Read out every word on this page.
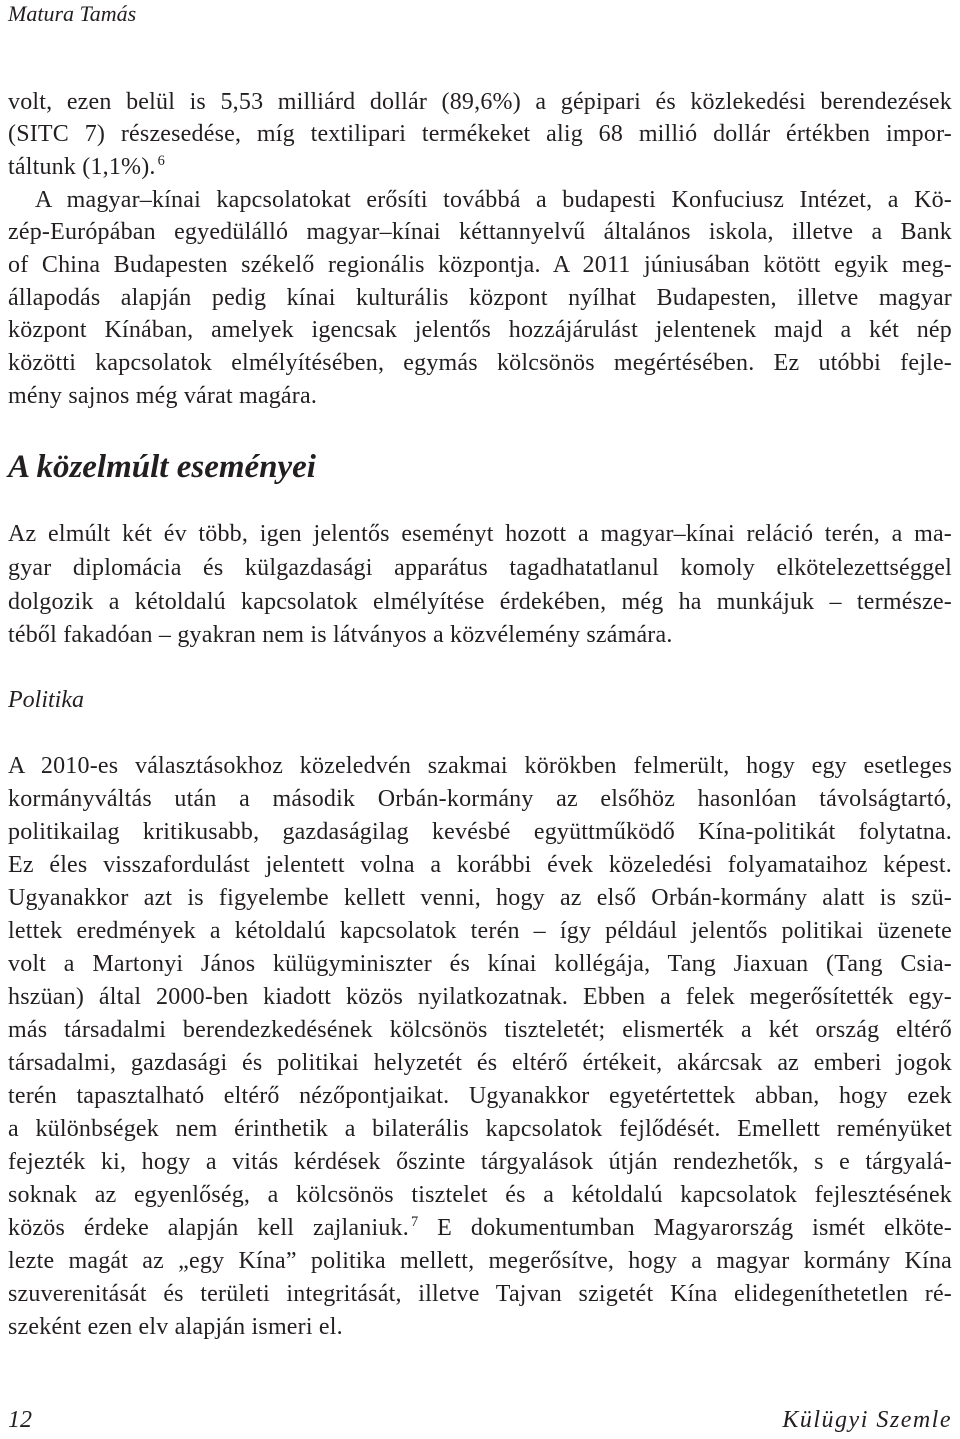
Matura Tamás
volt, ezen belül is 5,53 milliárd dollár (89,6%) a gépipari és közlekedési berendezések
(SITC 7) részesedése, míg textilipari termékeket alig 68 millió dollár értékben impor-
táltunk (1,1%). $^6$
A magyar–kínai kapcsolatokat erősíti továbbá a budapesti Konfuciusz Intézet, a Kö-
zép-Európában egyedülálló magyar–kínai kéttannyelvű általános iskola, illetve a Bank
of China Budapesten székelő regionális központja. A 2011 júniusában kötött egyik meg-
állapodás alapján pedig kínai kulturális központ nyílhat Budapesten, illetve magyar
központ Kínában, amelyek igencsak jelentős hozzájárulást jelentenek majd a két nép
közötti kapcsolatok elmélyítésében, egymás kölcsönös megértésében. Ez utóbbi fejle-
mény sajnos még várat magára.
A közelmúlt eseményei
Az elmúlt két év több, igen jelentős eseményt hozott a magyar–kínai reláció terén, a ma-
gyar diplomácia és külgazdasági apparátus tagadhatatlanul komoly elkötelezettséggel
dolgozik a kétoldalú kapcsolatok elmélyítése érdekében, még ha munkájuk – természe-
téből fakadóan – gyakran nem is látványos a közvélemény számára.
Politika
A 2010-es választásokhoz közeledvén szakmai körökben felmerült, hogy egy esetleges
kormányváltás után a második Orbán-kormány az elsőhöz hasonlóan távolságtartó,
politikailag kritikusabb, gazdaságilag kevésbé együttműködő Kína-politikát folytatna.
Ez éles visszafordulást jelentett volna a korábbi évek közeledési folyamataihoz képest.
Ugyanakkor azt is figyelembe kellett venni, hogy az első Orbán-kormány alatt is szü-
lettek eredmények a kétoldalú kapcsolatok terén – így például jelentős politikai üzenete
volt a Martonyi János külügyminiszter és kínai kollégája, Tang Jiaxuan (Tang Csia-
hszüan) által 2000-ben kiadott közös nyilatkozatnak. Ebben a felek megerősítették egy-
más társadalmi berendezkedésének kölcsönös tiszteletét; elismerték a két ország eltérő
társadalmi, gazdasági és politikai helyzetét és eltérő értékeit, akárcsak az emberi jogok
terén tapasztalható eltérő nézőpontjaikat. Ugyanakkor egyetértettek abban, hogy ezek
a különbségek nem érinthetik a bilaterális kapcsolatok fejlődését. Emellett reményüket
fejezték ki, hogy a vitás kérdések őszinte tárgyalások útján rendezhetők, s e tárgyalá-
soknak az egyenlőség, a kölcsönös tisztelet és a kétoldalú kapcsolatok fejlesztésének
közös érdeke alapján kell zajlaniuk. $^7$ E dokumentumban Magyarország ismét elköte-
lezte magát az „egy Kína” politika mellett, megerősítve, hogy a magyar kormány Kína
szuverenitását és területi integritását, illetve Tajvan szigetét Kína elidegeníthetetlen ré-
szeként ezen elv alapján ismeri el.
12	Külügyi Szemle
